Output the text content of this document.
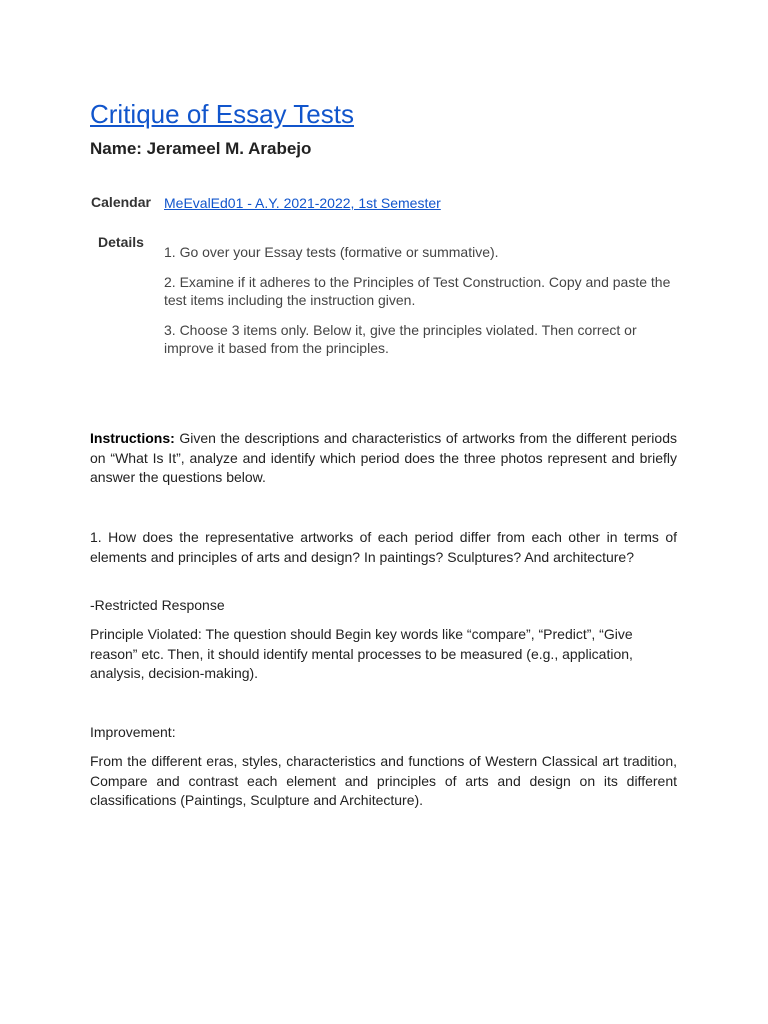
Critique of Essay Tests
Name: Jerameel M. Arabejo
Calendar
Details
MeEvalEd01 - A.Y. 2021-2022, 1st Semester

1. Go over your Essay tests (formative or summative).

2. Examine if it adheres to the Principles of Test Construction. Copy and paste the test items including the instruction given.

3. Choose 3 items only. Below it, give the principles violated. Then correct or improve it based from the principles.

Instructions: Given the descriptions and characteristics of artworks from the different periods on “What Is It”, analyze and identify which period does the three photos represent and briefly answer the questions below.

1. How does the representative artworks of each period differ from each other in terms of elements and principles of arts and design? In paintings? Sculptures? And architecture?

-Restricted Response

Principle Violated: The question should Begin key words like “compare”, “Predict”, “Give reason” etc. Then, it should identify mental processes to be measured (e.g., application, analysis, decision-making).

Improvement:

From the different eras, styles, characteristics and functions of Western Classical art tradition, Compare and contrast each element and principles of arts and design on its different classifications (Paintings, Sculpture and Architecture).
